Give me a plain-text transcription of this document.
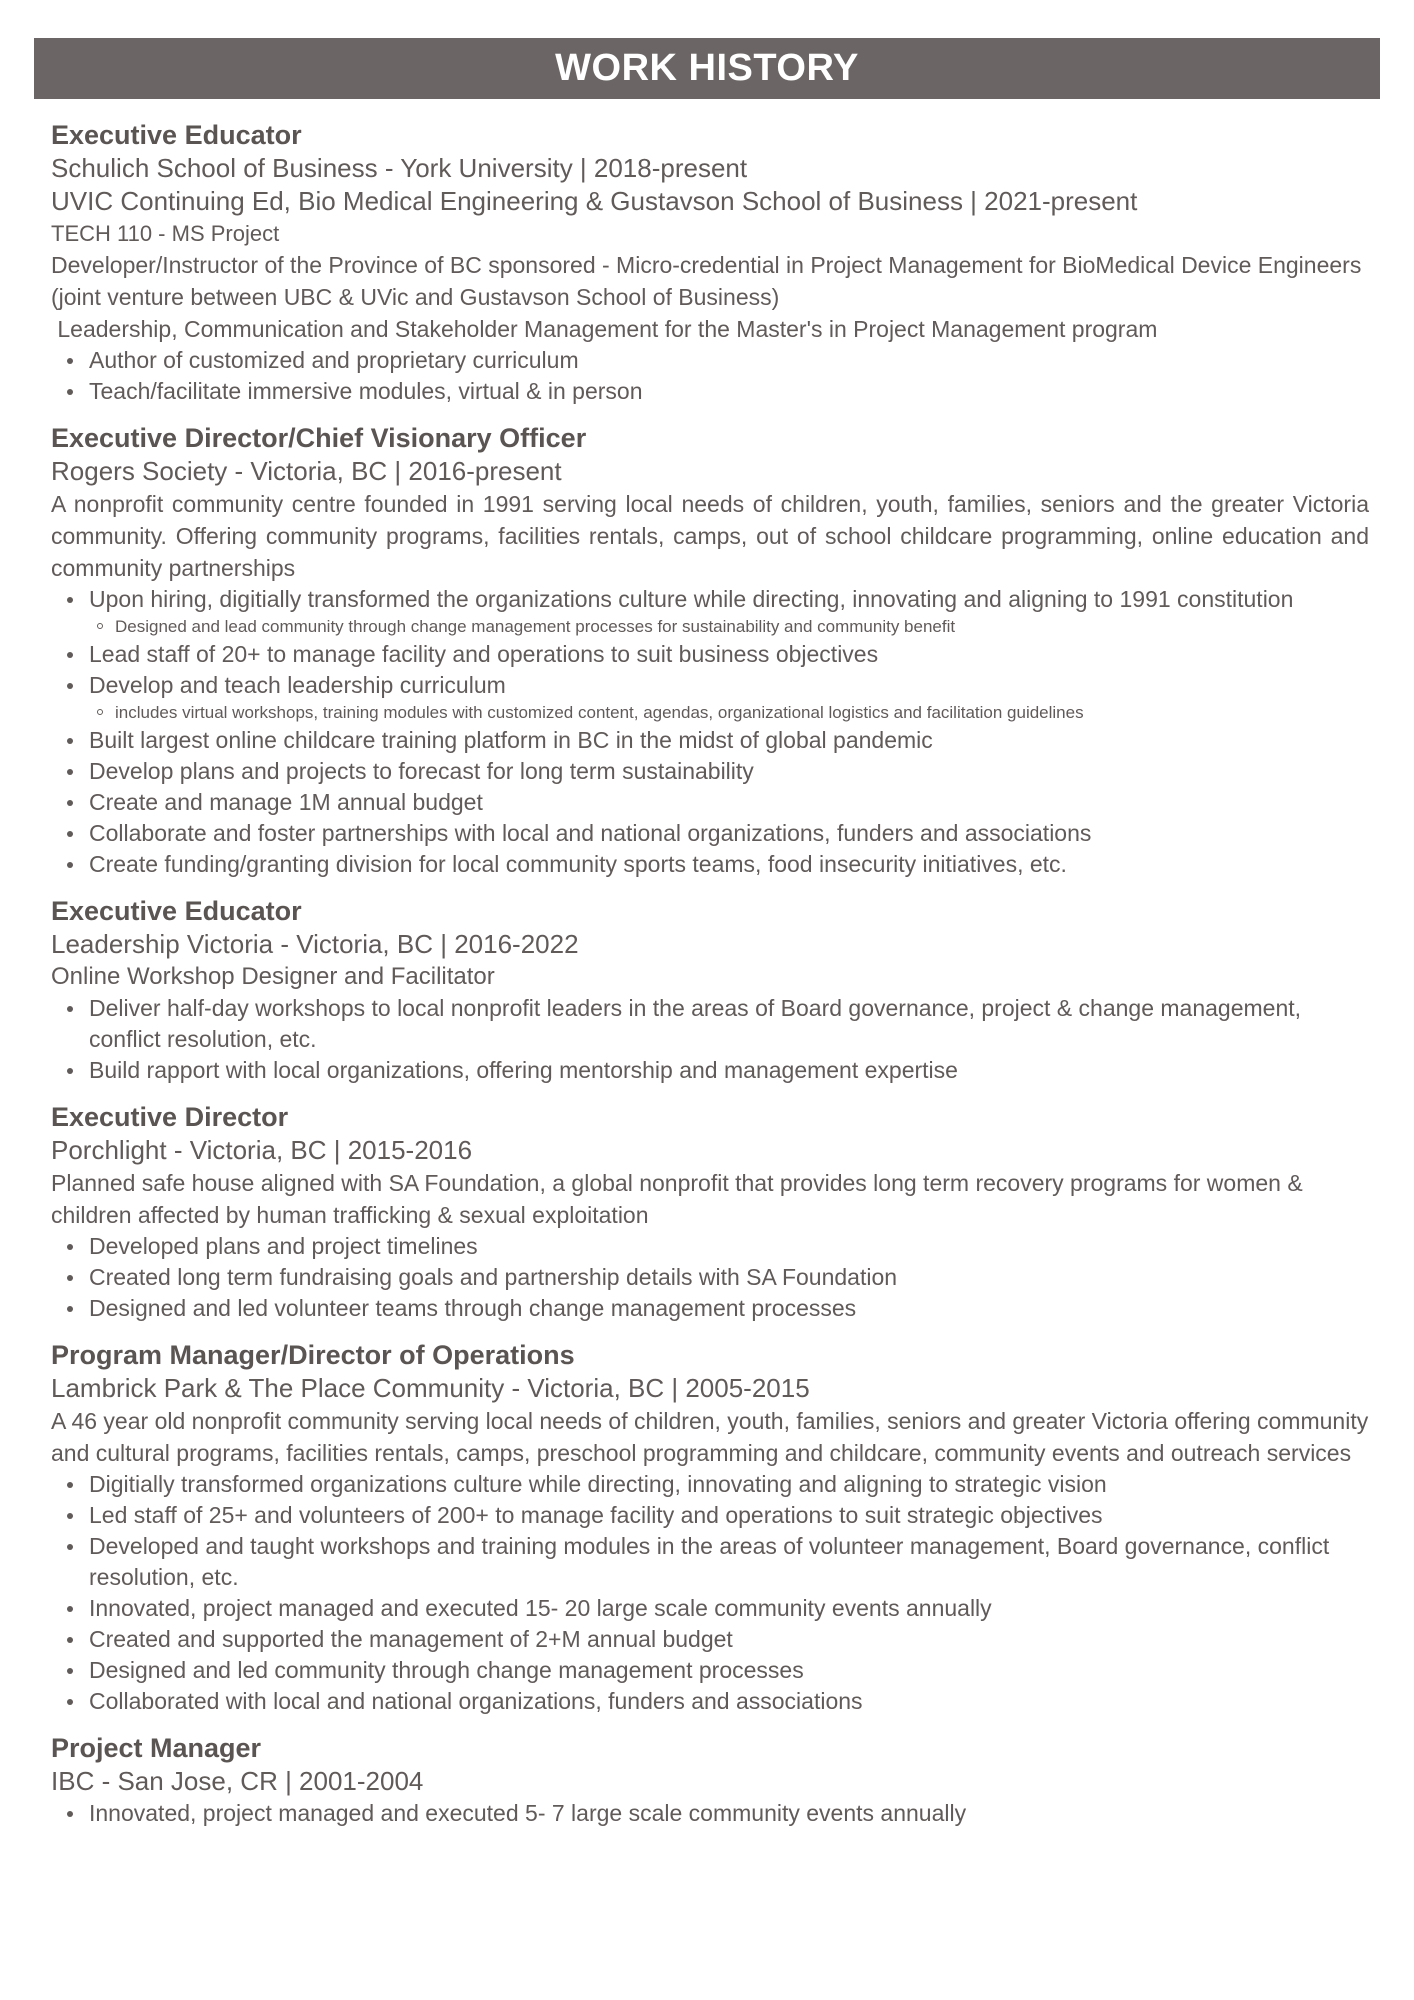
WORK HISTORY
Executive Educator
Schulich School of Business - York University | 2018-present
UVIC Continuing Ed, Bio Medical Engineering & Gustavson School of Business | 2021-present
TECH 110 - MS Project
Developer/Instructor of the Province of BC sponsored - Micro-credential in Project Management for BioMedical Device Engineers (joint venture between UBC & UVic and Gustavson School of Business)
Leadership, Communication and Stakeholder Management for the Master's in Project Management program
Author of customized and proprietary curriculum
Teach/facilitate immersive modules, virtual & in person
Executive Director/Chief Visionary Officer
Rogers Society - Victoria, BC | 2016-present
A nonprofit community centre founded in 1991 serving local needs of children, youth, families, seniors and the greater Victoria community. Offering community programs, facilities rentals, camps, out of school childcare programming, online education and community partnerships
Upon hiring, digitially transformed the organizations culture while directing, innovating and aligning to 1991 constitution
Designed and lead community through change management processes for sustainability and community benefit
Lead staff of 20+ to manage facility and operations to suit business objectives
Develop and teach leadership curriculum
includes virtual workshops, training modules with customized content, agendas, organizational logistics and facilitation guidelines
Built largest online childcare training platform in BC in the midst of global pandemic
Develop plans and projects to forecast for long term sustainability
Create and manage 1M annual budget
Collaborate and foster partnerships with local and national organizations, funders and associations
Create funding/granting division for local community sports teams, food insecurity initiatives, etc.
Executive Educator
Leadership Victoria - Victoria, BC | 2016-2022
Online Workshop Designer and Facilitator
Deliver half-day workshops to local nonprofit leaders in the areas of Board governance, project & change management, conflict resolution, etc.
Build rapport with local organizations, offering mentorship and management expertise
Executive Director
Porchlight - Victoria, BC | 2015-2016
Planned safe house aligned with SA Foundation, a global nonprofit that provides long term recovery programs for women & children affected by human trafficking & sexual exploitation
Developed plans and project timelines
Created long term fundraising goals and partnership details with SA Foundation
Designed and led volunteer teams through change management processes
Program Manager/Director of Operations
Lambrick Park & The Place Community - Victoria, BC | 2005-2015
A 46 year old nonprofit community serving local needs of children, youth, families, seniors and greater Victoria offering community and cultural programs, facilities rentals, camps, preschool programming and childcare, community events and outreach services
Digitially transformed organizations culture while directing, innovating and aligning to strategic vision
Led staff of 25+ and volunteers of 200+ to manage facility and operations to suit strategic objectives
Developed and taught workshops and training modules in the areas of volunteer management, Board governance, conflict resolution, etc.
Innovated, project managed and executed 15- 20 large scale community events annually
Created and supported the management of 2+M annual budget
Designed and led community through change management processes
Collaborated with local and national organizations, funders and associations
Project Manager
IBC - San Jose, CR | 2001-2004
Innovated, project managed and executed 5- 7 large scale community events annually
